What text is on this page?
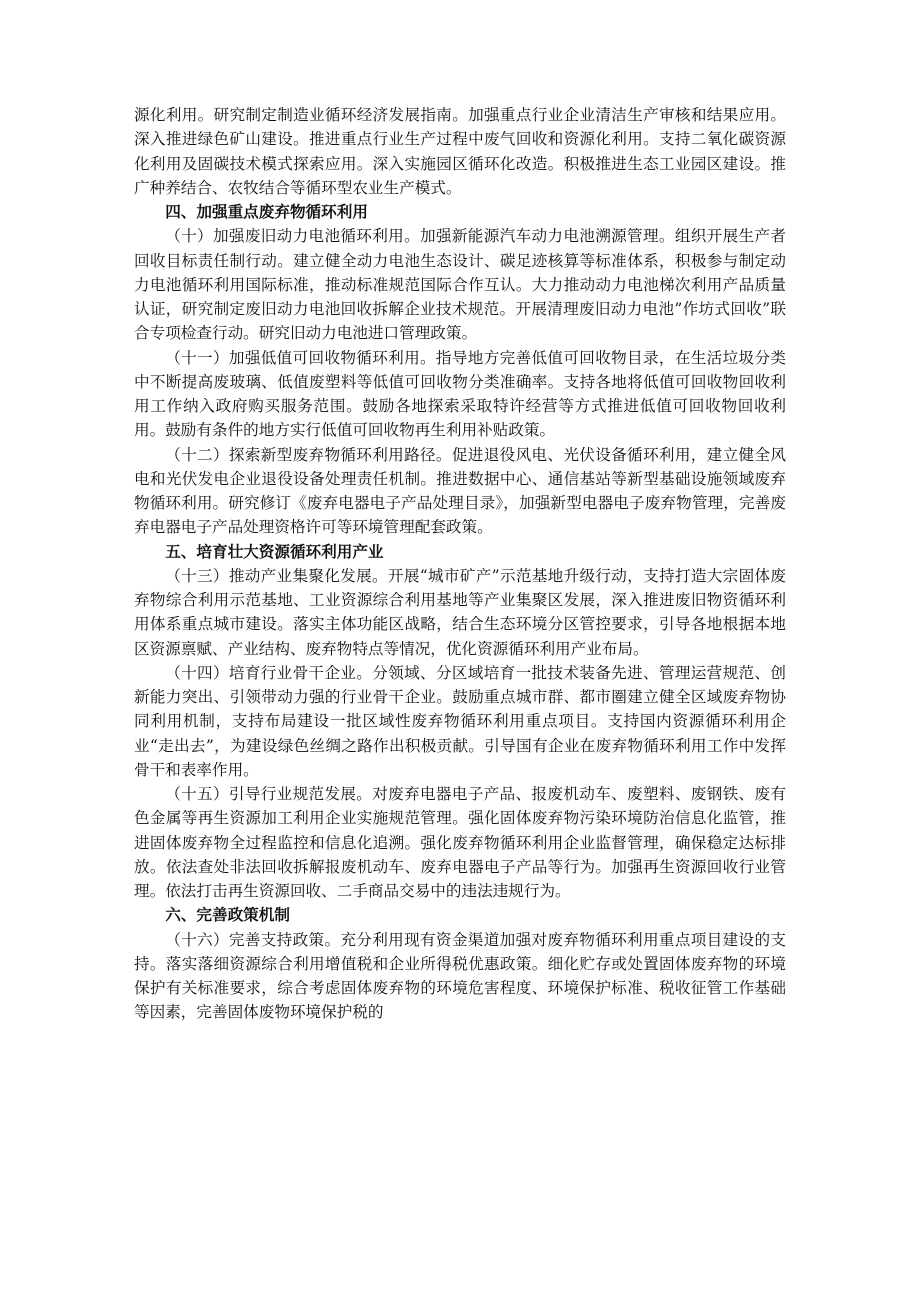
源化利用。研究制定制造业循环经济发展指南。加强重点行业企业清洁生产审核和结果应用。深入推进绿色矿山建设。推进重点行业生产过程中废气回收和资源化利用。支持二氧化碳资源化利用及固碳技术模式探索应用。深入实施园区循环化改造。积极推进生态工业园区建设。推广种养结合、农牧结合等循环型农业生产模式。

四、加强重点废弃物循环利用

（十）加强废旧动力电池循环利用。加强新能源汽车动力电池溯源管理。组织开展生产者回收目标责任制行动。建立健全动力电池生态设计、碳足迹核算等标准体系，积极参与制定动力电池循环利用国际标准，推动标准规范国际合作互认。大力推动动力电池梯次利用产品质量认证，研究制定废旧动力电池回收拆解企业技术规范。开展清理废旧动力电池”作坊式回收”联合专项检查行动。研究旧动力电池进口管理政策。

（十一）加强低值可回收物循环利用。指导地方完善低值可回收物目录，在生活垃圾分类中不断提高废玻璃、低值废塑料等低值可回收物分类准确率。支持各地将低值可回收物回收利用工作纳入政府购买服务范围。鼓励各地探索采取特许经营等方式推进低值可回收物回收利用。鼓励有条件的地方实行低值可回收物再生利用补贴政策。

（十二）探索新型废弃物循环利用路径。促进退役风电、光伏设备循环利用，建立健全风电和光伏发电企业退役设备处理责任机制。推进数据中心、通信基站等新型基础设施领域废弃物循环利用。研究修订《废弃电器电子产品处理目录》，加强新型电器电子废弃物管理，完善废弃电器电子产品处理资格许可等环境管理配套政策。

五、培育壮大资源循环利用产业

（十三）推动产业集聚化发展。开展“城市矿产”示范基地升级行动，支持打造大宗固体废弃物综合利用示范基地、工业资源综合利用基地等产业集聚区发展，深入推进废旧物资循环利用体系重点城市建设。落实主体功能区战略，结合生态环境分区管控要求，引导各地根据本地区资源禀赋、产业结构、废弃物特点等情况，优化资源循环利用产业布局。

（十四）培育行业骨干企业。分领域、分区域培育一批技术装备先进、管理运营规范、创新能力突出、引领带动力强的行业骨干企业。鼓励重点城市群、都市圈建立健全区域废弃物协同利用机制，支持布局建设一批区域性废弃物循环利用重点项目。支持国内资源循环利用企业“走出去”，为建设绿色丝绸之路作出积极贡献。引导国有企业在废弃物循环利用工作中发挥骨干和表率作用。

（十五）引导行业规范发展。对废弃电器电子产品、报废机动车、废塑料、废钢铁、废有色金属等再生资源加工利用企业实施规范管理。强化固体废弃物污染环境防治信息化监管，推进固体废弃物全过程监控和信息化追溯。强化废弃物循环利用企业监督管理，确保稳定达标排放。依法查处非法回收拆解报废机动车、废弃电器电子产品等行为。加强再生资源回收行业管理。依法打击再生资源回收、二手商品交易中的违法违规行为。

六、完善政策机制

（十六）完善支持政策。充分利用现有资金渠道加强对废弃物循环利用重点项目建设的支持。落实落细资源综合利用增值税和企业所得税优惠政策。细化贮存或处置固体废弃物的环境保护有关标准要求，综合考虑固体废弃物的环境危害程度、环境保护标准、税收征管工作基础等因素，完善固体废物环境保护税的
